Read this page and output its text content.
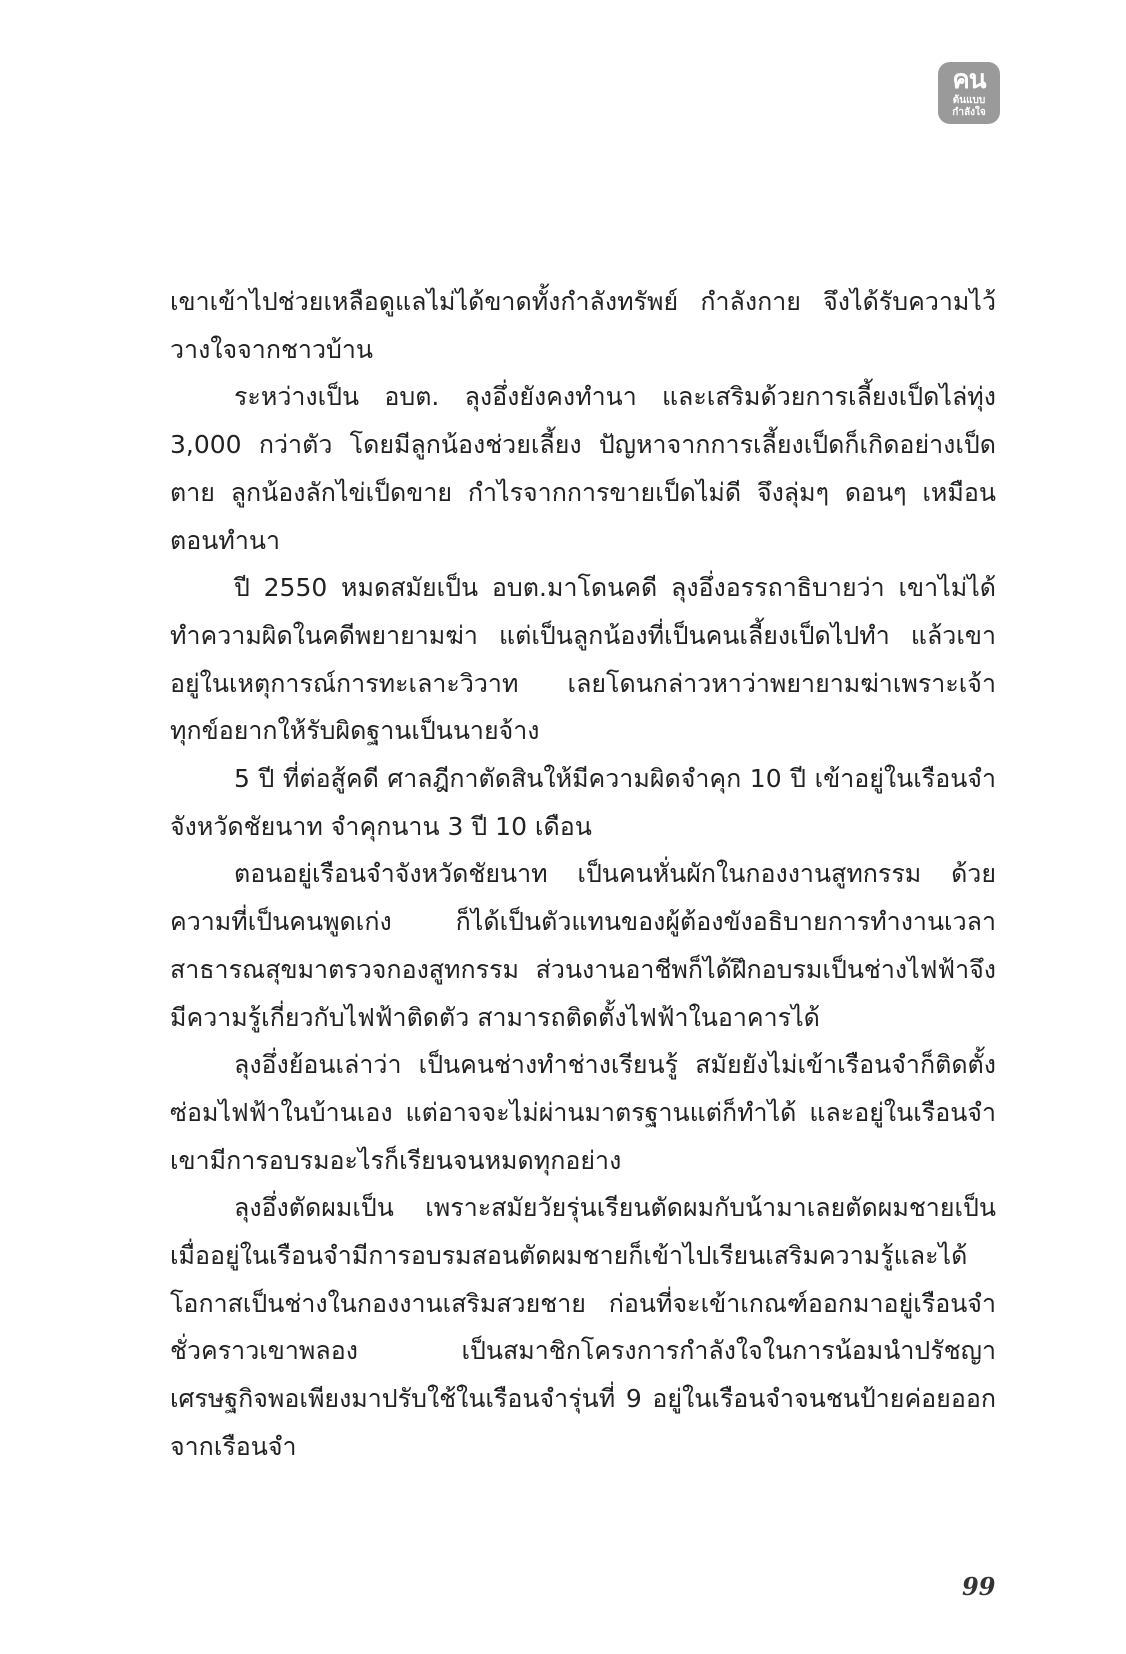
คน
ต้นแบบ
กำลังใจ

เขาเข้าไปช่วยเหลือดูแลไม่ได้ขาดทั้งกำลังทรัพย์ กำลังกาย จึงได้รับความไว้วางใจจากชาวบ้าน

ระหว่างเป็น อบต. ลุงอึ่งยังคงทำนา และเสริมด้วยการเลี้ยงเป็ดไล่ทุ่ง 3,000 กว่าตัว โดยมีลูกน้องช่วยเลี้ยง ปัญหาจากการเลี้ยงเป็ดก็เกิดอย่างเป็ดตาย ลูกน้องลักไข่เป็ดขาย กำไรจากการขายเป็ดไม่ดี จึงลุ่มๆ ดอนๆ เหมือนตอนทำนา

ปี 2550 หมดสมัยเป็น อบต.มาโดนคดี ลุงอึ่งอรรถาธิบายว่า เขาไม่ได้ทำความผิดในคดีพยายามฆ่า แต่เป็นลูกน้องที่เป็นคนเลี้ยงเป็ดไปทำ แล้วเขาอยู่ในเหตุการณ์การทะเลาะวิวาท เลยโดนกล่าวหาว่าพยายามฆ่าเพราะเจ้าทุกข์อยากให้รับผิดฐานเป็นนายจ้าง

5 ปี ที่ต่อสู้คดี ศาลฎีกาตัดสินให้มีความผิดจำคุก 10 ปี เข้าอยู่ในเรือนจำจังหวัดชัยนาท จำคุกนาน 3 ปี 10 เดือน

ตอนอยู่เรือนจำจังหวัดชัยนาท เป็นคนหั่นผักในกองงานสูทกรรม ด้วยความที่เป็นคนพูดเก่ง ก็ได้เป็นตัวแทนของผู้ต้องขังอธิบายการทำงานเวลาสาธารณสุขมาตรวจกองสูทกรรม ส่วนงานอาชีพก็ได้ฝึกอบรมเป็นช่างไฟฟ้าจึงมีความรู้เกี่ยวกับไฟฟ้าติดตัว สามารถติดตั้งไฟฟ้าในอาคารได้

ลุงอึ่งย้อนเล่าว่า เป็นคนช่างทำช่างเรียนรู้ สมัยยังไม่เข้าเรือนจำก็ติดตั้งซ่อมไฟฟ้าในบ้านเอง แต่อาจจะไม่ผ่านมาตรฐานแต่ก็ทำได้ และอยู่ในเรือนจำเขามีการอบรมอะไรก็เรียนจนหมดทุกอย่าง

ลุงอึ่งตัดผมเป็น เพราะสมัยวัยรุ่นเรียนตัดผมกับน้ามาเลยตัดผมชายเป็นเมื่ออยู่ในเรือนจำมีการอบรมสอนตัดผมชายก็เข้าไปเรียนเสริมความรู้และได้โอกาสเป็นช่างในกองงานเสริมสวยชาย ก่อนที่จะเข้าเกณฑ์ออกมาอยู่เรือนจำชั่วคราวเขาพลอง เป็นสมาชิกโครงการกำลังใจในการน้อมนำปรัชญาเศรษฐกิจพอเพียงมาปรับใช้ในเรือนจำรุ่นที่ 9 อยู่ในเรือนจำจนชนป้ายค่อยออกจากเรือนจำ

99
